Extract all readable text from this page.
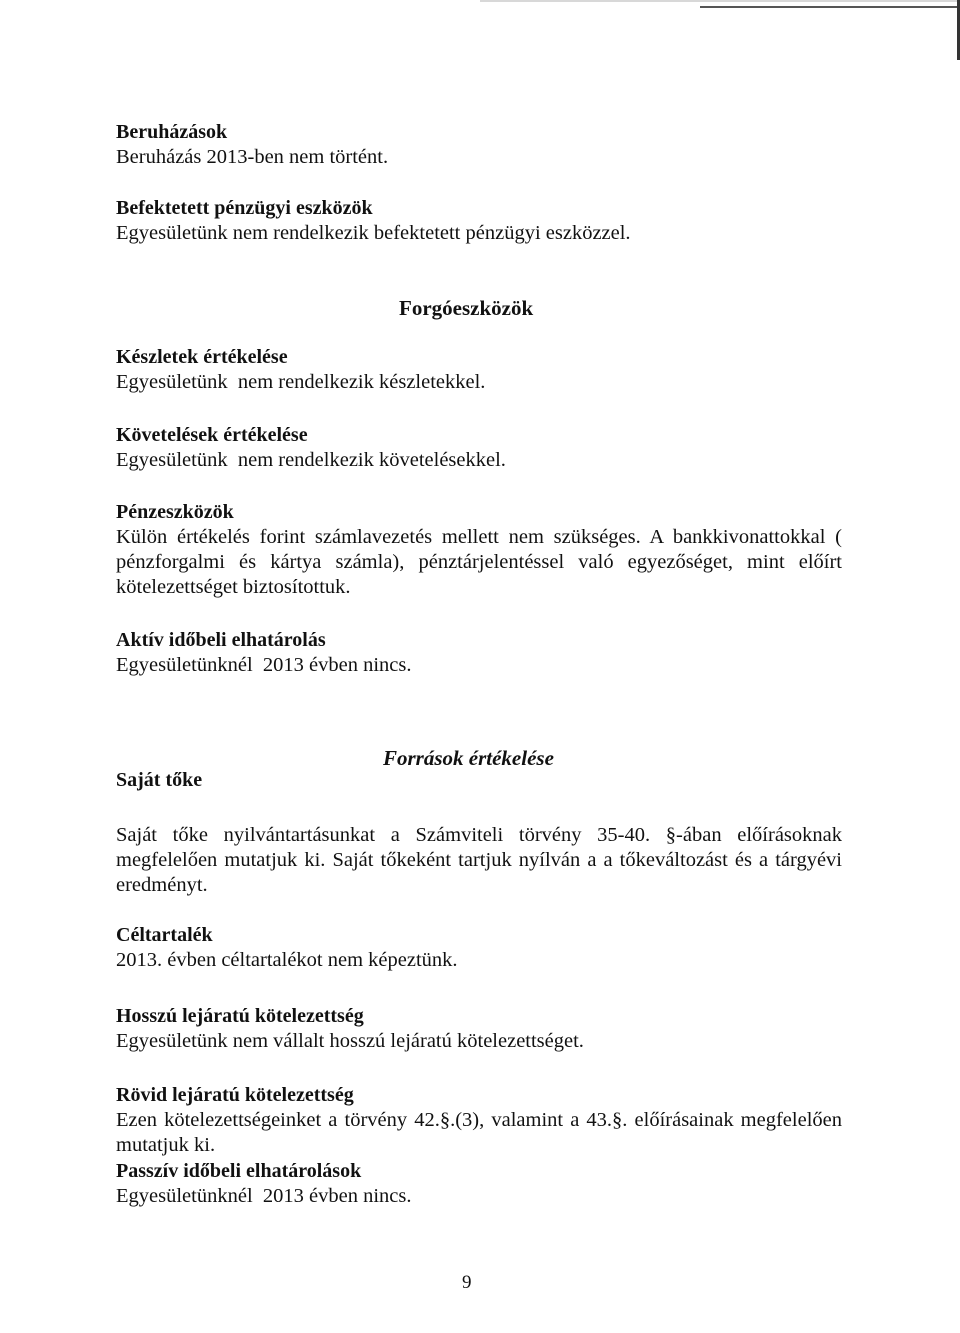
Beruházások
Beruházás 2013-ben nem történt.
Befektetett pénzügyi eszközök
Egyesületünk nem rendelkezik befektetett pénzügyi eszközzel.
Forgóeszközök
Készletek értékelése
Egyesületünk  nem rendelkezik készletekkel.
Követelések értékelése
Egyesületünk  nem rendelkezik követelésekkel.
Pénzeszközök
Külön értékelés forint számlavezetés mellett nem szükséges. A bankkivonattokkal ( pénzforgalmi és kártya számla), pénztárjelentéssel való egyezőséget, mint előírt kötelezettséget biztosítottuk.
Aktív időbeli elhatárolás
Egyesületünknél  2013 évben nincs.
Források értékelése
Saját tőke
Saját tőke nyilvántartásunkat a Számviteli törvény 35-40. §-ában előírásoknak megfelelően mutatjuk ki. Saját tőkeként tartjuk nyílván a a tőkeváltozást és a tárgyévi eredményt.
Céltartalék
2013. évben céltartalékot nem képeztünk.
Hosszú lejáratú kötelezettség
Egyesületünk nem vállalt hosszú lejáratú kötelezettséget.
Rövid lejáratú kötelezettség
Ezen kötelezettségeinket a törvény 42.§.(3), valamint a 43.§. előírásainak megfelelően mutatjuk ki.
Passzív időbeli elhatárolások
Egyesületünknél  2013 évben nincs.
9
